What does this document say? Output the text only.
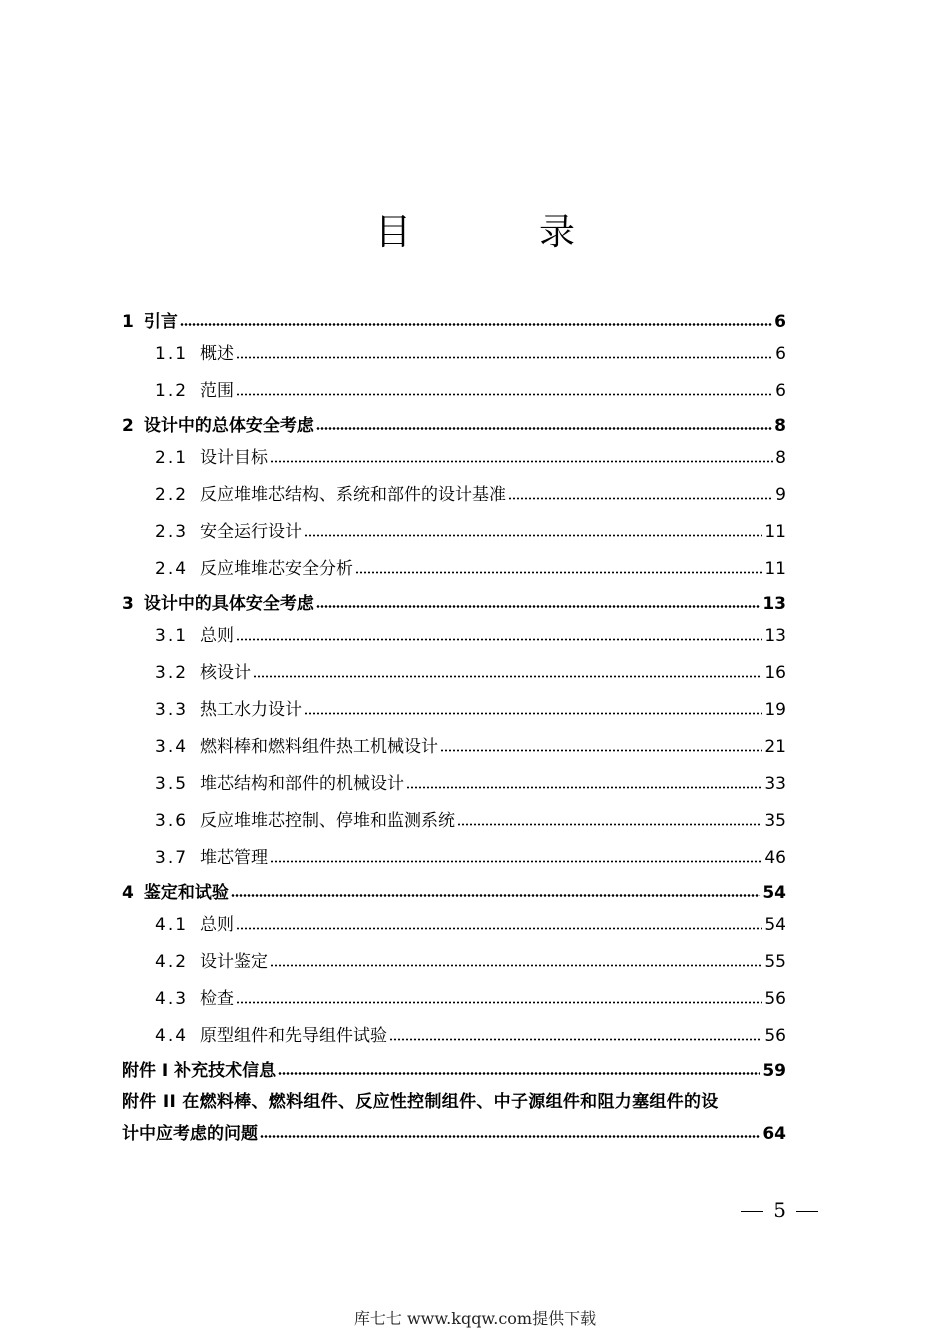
目　录
1 引言	6
1.1 概述	6
1.2 范围	6
2 设计中的总体安全考虑	8
2.1 设计目标	8
2.2 反应堆堆芯结构、系统和部件的设计基准	9
2.3 安全运行设计	11
2.4 反应堆堆芯安全分析	11
3 设计中的具体安全考虑	13
3.1 总则	13
3.2 核设计	16
3.3 热工水力设计	19
3.4 燃料棒和燃料组件热工机械设计	21
3.5 堆芯结构和部件的机械设计	33
3.6 反应堆堆芯控制、停堆和监测系统	35
3.7 堆芯管理	46
4 鉴定和试验	54
4.1 总则	54
4.2 设计鉴定	55
4.3 检查	56
4.4 原型组件和先导组件试验	56
附件 I 补充技术信息	59
附件 II 在燃料棒、燃料组件、反应性控制组件、中子源组件和阻力塞组件的设
计中应考虑的问题	64
5
库七七 www.kqqw.com提供下载
